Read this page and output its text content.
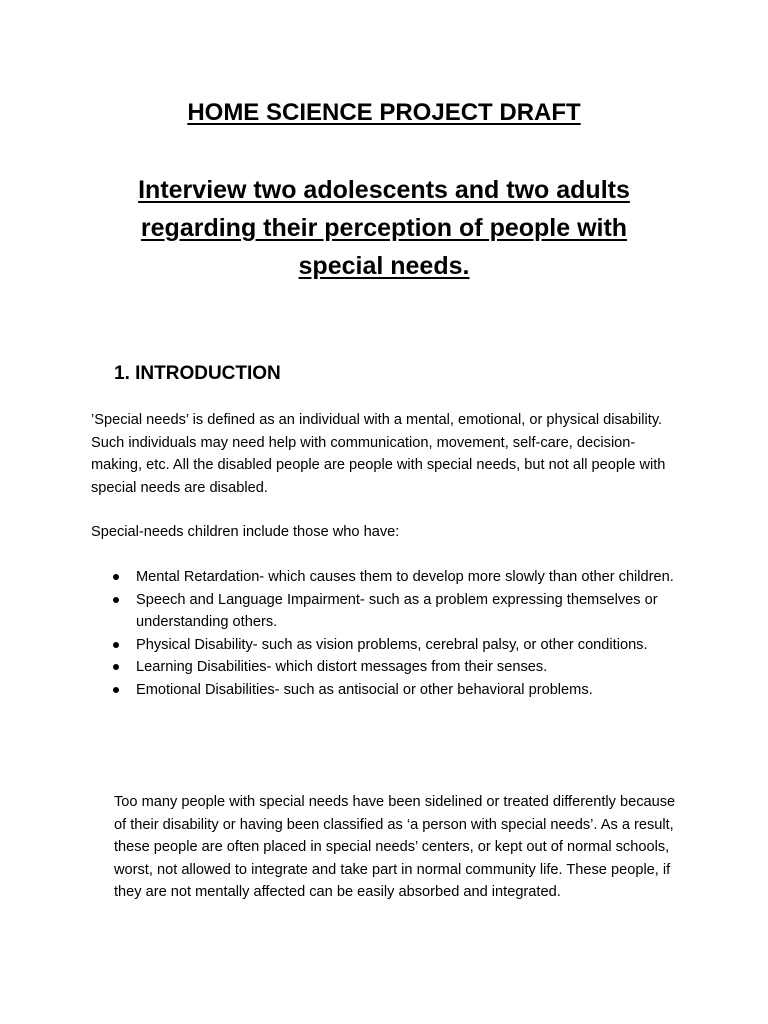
HOME SCIENCE PROJECT DRAFT
Interview two adolescents and two adults regarding their perception of people with special needs.
1. INTRODUCTION

’Special needs’ is defined as an individual with a mental, emotional, or physical disability. Such individuals may need help with communication, movement, self-care, decision-making, etc. All the disabled people are people with special needs, but not all people with special needs are disabled.

Special-needs children include those who have:

Mental Retardation- which causes them to develop more slowly than other children.
Speech and Language Impairment- such as a problem expressing themselves or understanding others.
Physical Disability- such as vision problems, cerebral palsy, or other conditions.
Learning Disabilities- which distort messages from their senses.
Emotional Disabilities- such as antisocial or other behavioral problems.

Too many people with special needs have been sidelined or treated differently because of their disability or having been classified as ‘a person with special needs’. As a result, these people are often placed in special needs’ centers, or kept out of normal schools, worst, not allowed to integrate and take part in normal community life. These people, if they are not mentally affected can be easily absorbed and integrated.
